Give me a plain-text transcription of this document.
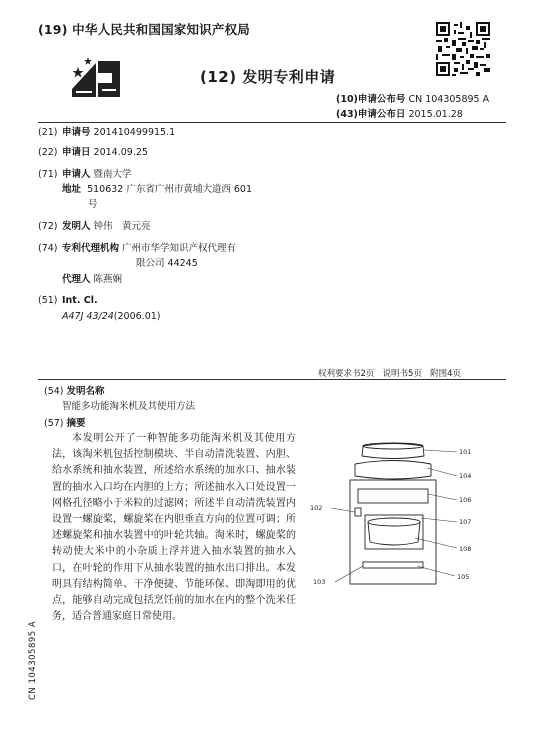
(19) 中华人民共和国国家知识产权局
(12) 发明专利申请
(10)申请公布号 CN 104305895 A
(43)申请公布日 2015.01.28
(21) 申请号 201410499915.1
(22) 申请日 2014.09.25
(71) 申请人 暨南大学
地址 510632 广东省广州市黄埔大道西 601
号
(72) 发明人 钟伟　黄元亮
(74) 专利代理机构 广州市华学知识产权代理有
限公司 44245
代理人 陈燕娴
(51) Int. Cl.
A47J 43/24(2006.01)
权利要求书2页 说明书5页 附图4页
(54) 发明名称
智能多功能淘米机及其使用方法
(57) 摘要

本发明公开了一种智能多功能淘米机及其使用方法，该淘米机包括控制模块、半自动清洗装置、内胆、给水系统和抽水装置，所述给水系统的加水口、抽水装置的抽水入口均在内胆的上方；所述抽水入口处设置一网格孔径略小于米粒的过滤网；所述半自动清洗装置内设置一螺旋桨，螺旋桨在内胆垂直方向的位置可调；所述螺旋桨和抽水装置中的叶轮共轴。淘米时，螺旋桨的转动使大米中的小杂质上浮并进入抽水装置的抽水入口，在叶轮的作用下从抽水装置的抽水出口排出。本发明具有结构简单、干净便捷、节能环保、即淘即用的优点，能够自动完成包括烹饪前的加水在内的整个洗米任务，适合普通家庭日常使用。

101
104
106
107
102
108
103
105
CN 104305895 A
